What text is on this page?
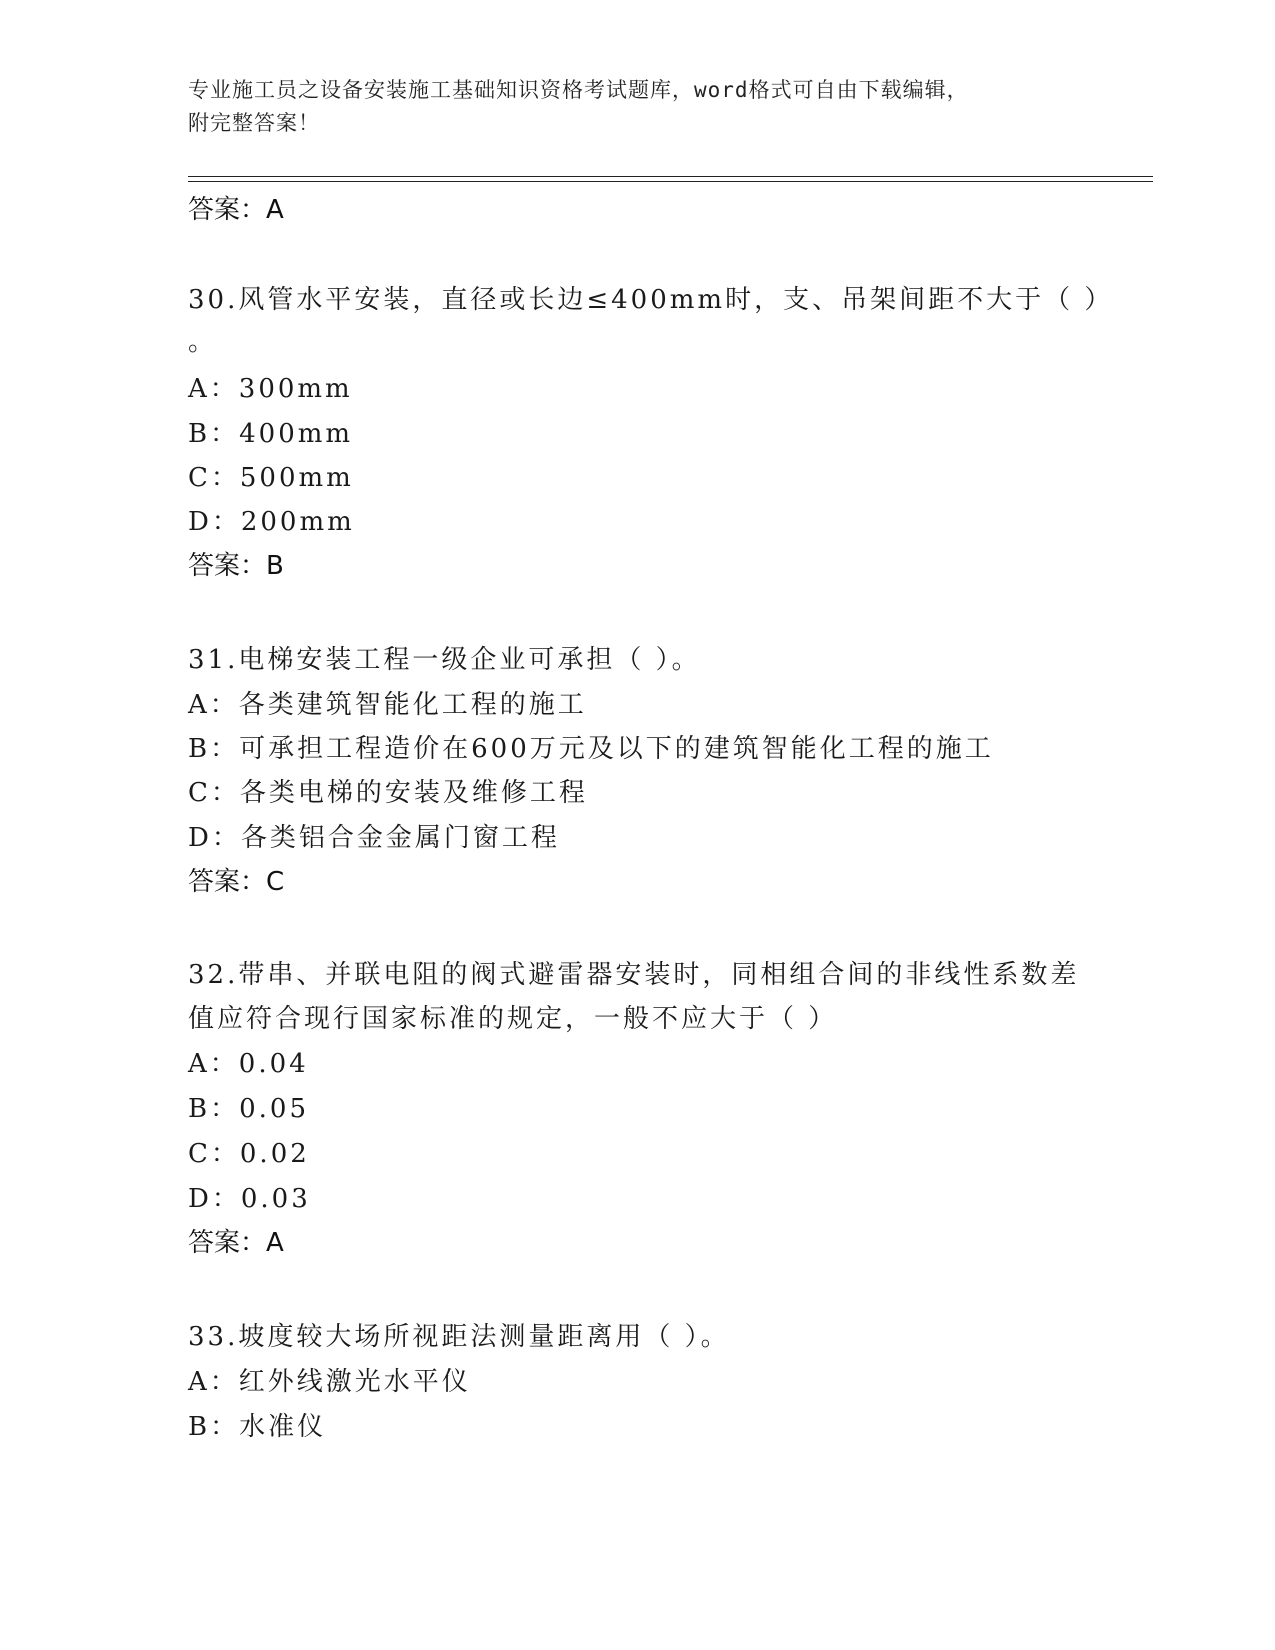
专业施工员之设备安装施工基础知识资格考试题库，word格式可自由下载编辑，
附完整答案！
答案：A
30.风管水平安装，直径或长边≤400mm时，支、吊架间距不大于（ ）
。
A：300mm
B：400mm
C：500mm
D：200mm
答案：B
31.电梯安装工程一级企业可承担（ ）。
A：各类建筑智能化工程的施工
B：可承担工程造价在600万元及以下的建筑智能化工程的施工
C：各类电梯的安装及维修工程
D：各类铝合金金属门窗工程
答案：C
32.带串、并联电阻的阀式避雷器安装时，同相组合间的非线性系数差
值应符合现行国家标准的规定，一般不应大于（ ）
A：0.04
B：0.05
C：0.02
D：0.03
答案：A
33.坡度较大场所视距法测量距离用（ ）。
A：红外线激光水平仪
B：水准仪
